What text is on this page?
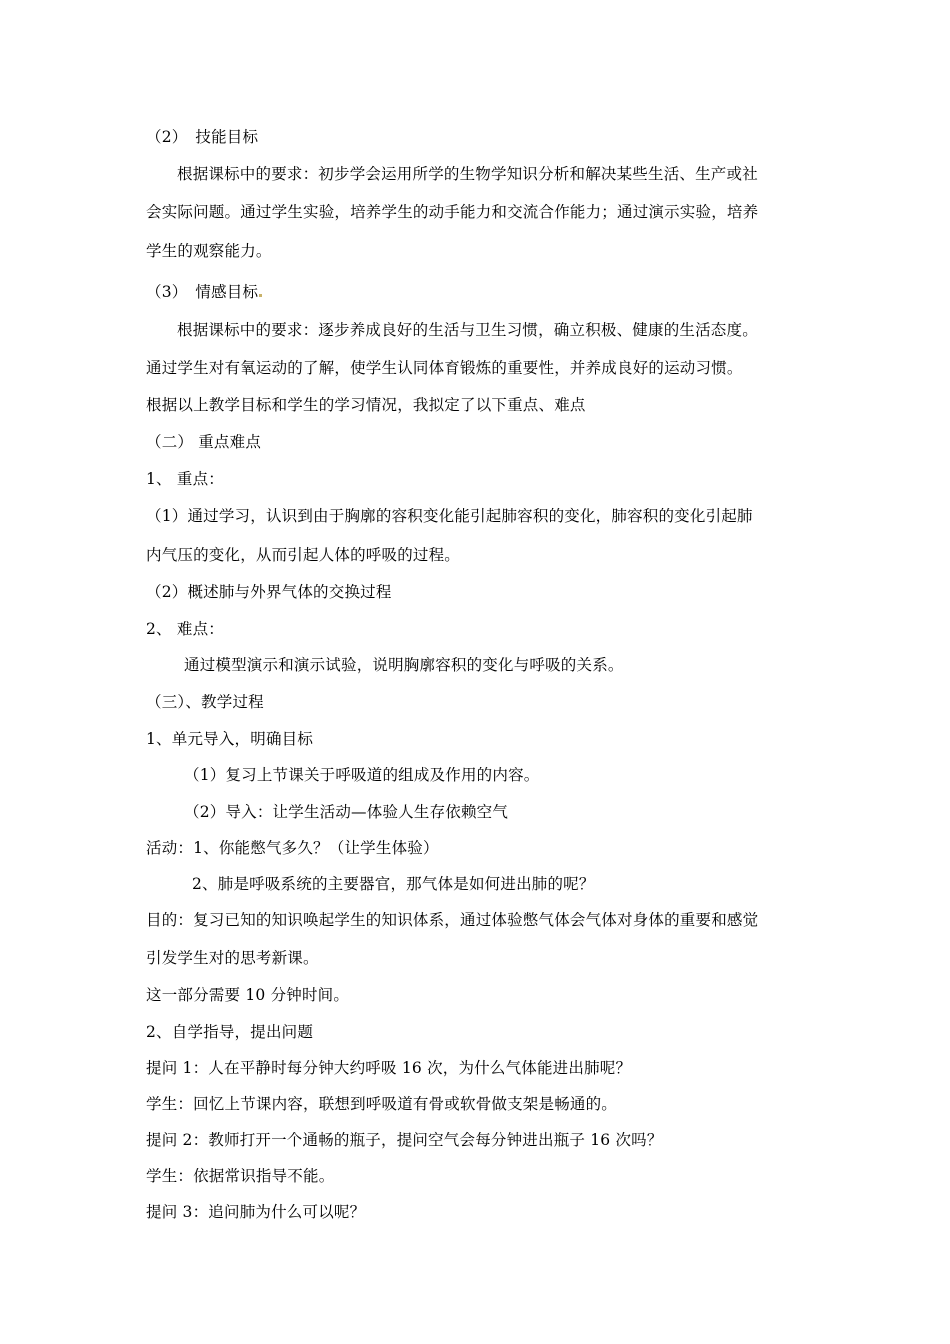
（2）　技能目标
根据课标中的要求：初步学会运用所学的生物学知识分析和解决某些生活、生产或社
会实际问题。通过学生实验，培养学生的动手能力和交流合作能力；通过演示实验，培养
学生的观察能力。
（3）　情感目标
根据课标中的要求：逐步养成良好的生活与卫生习惯，确立积极、健康的生活态度。
通过学生对有氧运动的了解，使学生认同体育锻炼的重要性，并养成良好的运动习惯。
根据以上教学目标和学生的学习情况，我拟定了以下重点、难点
（二） 重点难点
1、 重点：
（1）通过学习，认识到由于胸廓的容积变化能引起肺容积的变化，肺容积的变化引起肺
内气压的变化，从而引起人体的呼吸的过程。
（2）概述肺与外界气体的交换过程
2、 难点：
通过模型演示和演示试验，说明胸廓容积的变化与呼吸的关系。
（三）、教学过程
1、单元导入，明确目标
（1）复习上节课关于呼吸道的组成及作用的内容。
（2）导入：让学生活动—体验人生存依赖空气
活动：1、你能憋气多久？（让学生体验）
2、肺是呼吸系统的主要器官，那气体是如何进出肺的呢？
目的：复习已知的知识唤起学生的知识体系，通过体验憋气体会气体对身体的重要和感觉
引发学生对的思考新课。
这一部分需要 10 分钟时间。
2、自学指导，提出问题
提问 1：人在平静时每分钟大约呼吸 16 次，为什么气体能进出肺呢？
学生：回忆上节课内容，联想到呼吸道有骨或软骨做支架是畅通的。
提问 2：教师打开一个通畅的瓶子，提问空气会每分钟进出瓶子 16 次吗？
学生：依据常识指导不能。
提问 3：追问肺为什么可以呢？
